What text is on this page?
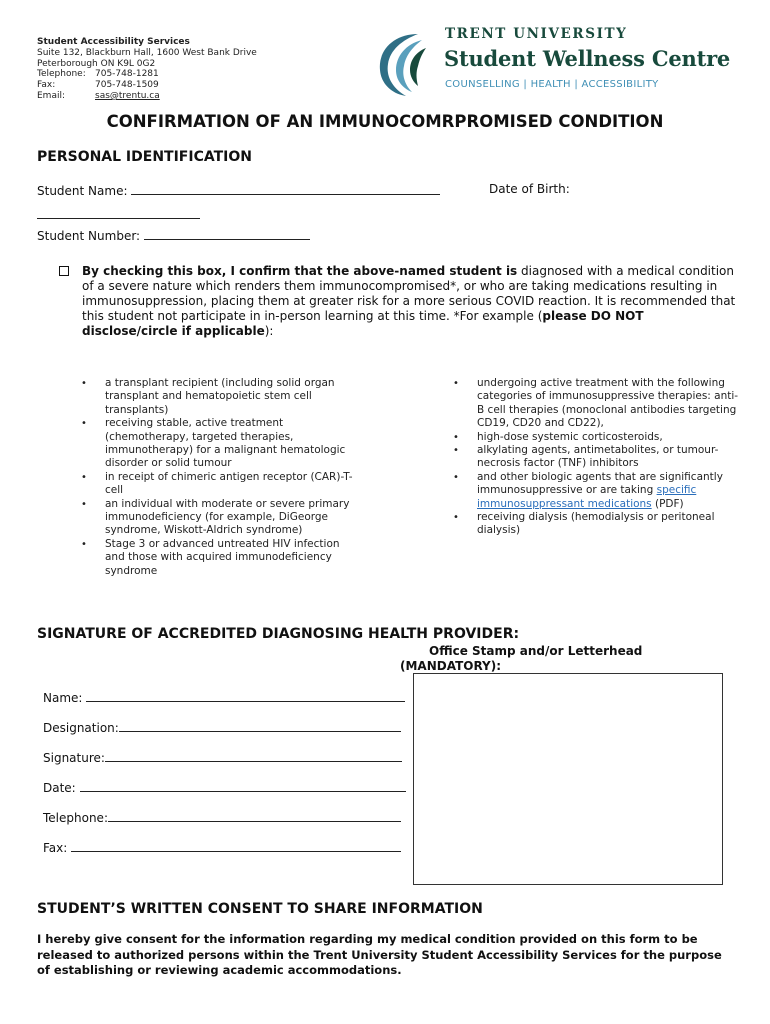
Student Accessibility Services
Suite 132, Blackburn Hall, 1600 West Bank Drive
Peterborough ON K9L 0G2
Telephone:	705-748-1281
Fax:	705-748-1509
Email:	sas@trentu.ca
TRENT UNIVERSITY
Student Wellness Centre
COUNSELLING | HEALTH | ACCESSIBILITY
CONFIRMATION OF AN IMMUNOCOMRPROMISED CONDITION
PERSONAL IDENTIFICATION
Student Name:	Date of Birth:
Student Number:
By checking this box, I confirm that the above-named student is diagnosed with a medical condition of a severe nature which renders them immunocompromised*, or who are taking medications resulting in immunosuppression, placing them at greater risk for a more serious COVID reaction. It is recommended that this student not participate in in-person learning at this time. *For example (please DO NOT disclose/circle if applicable):
• a transplant recipient (including solid organ transplant and hematopoietic stem cell transplants)
• receiving stable, active treatment (chemotherapy, targeted therapies, immunotherapy) for a malignant hematologic disorder or solid tumour
• in receipt of chimeric antigen receptor (CAR)-T-cell
• an individual with moderate or severe primary immunodeficiency (for example, DiGeorge syndrome, Wiskott-Aldrich syndrome)
• Stage 3 or advanced untreated HIV infection and those with acquired immunodeficiency syndrome
• undergoing active treatment with the following categories of immunosuppressive therapies: anti-B cell therapies (monoclonal antibodies targeting CD19, CD20 and CD22),
• high-dose systemic corticosteroids,
• alkylating agents, antimetabolites, or tumour-necrosis factor (TNF) inhibitors
• and other biologic agents that are significantly immunosuppressive or are taking specific immunosuppressant medications (PDF)
• receiving dialysis (hemodialysis or peritoneal dialysis)
SIGNATURE OF ACCREDITED DIAGNOSING HEALTH PROVIDER:
Office Stamp and/or Letterhead
(MANDATORY):
Name:
Designation:
Signature:
Date:
Telephone:
Fax:
STUDENT’S WRITTEN CONSENT TO SHARE INFORMATION
I hereby give consent for the information regarding my medical condition provided on this form to be released to authorized persons within the Trent University Student Accessibility Services for the purpose of establishing or reviewing academic accommodations.
